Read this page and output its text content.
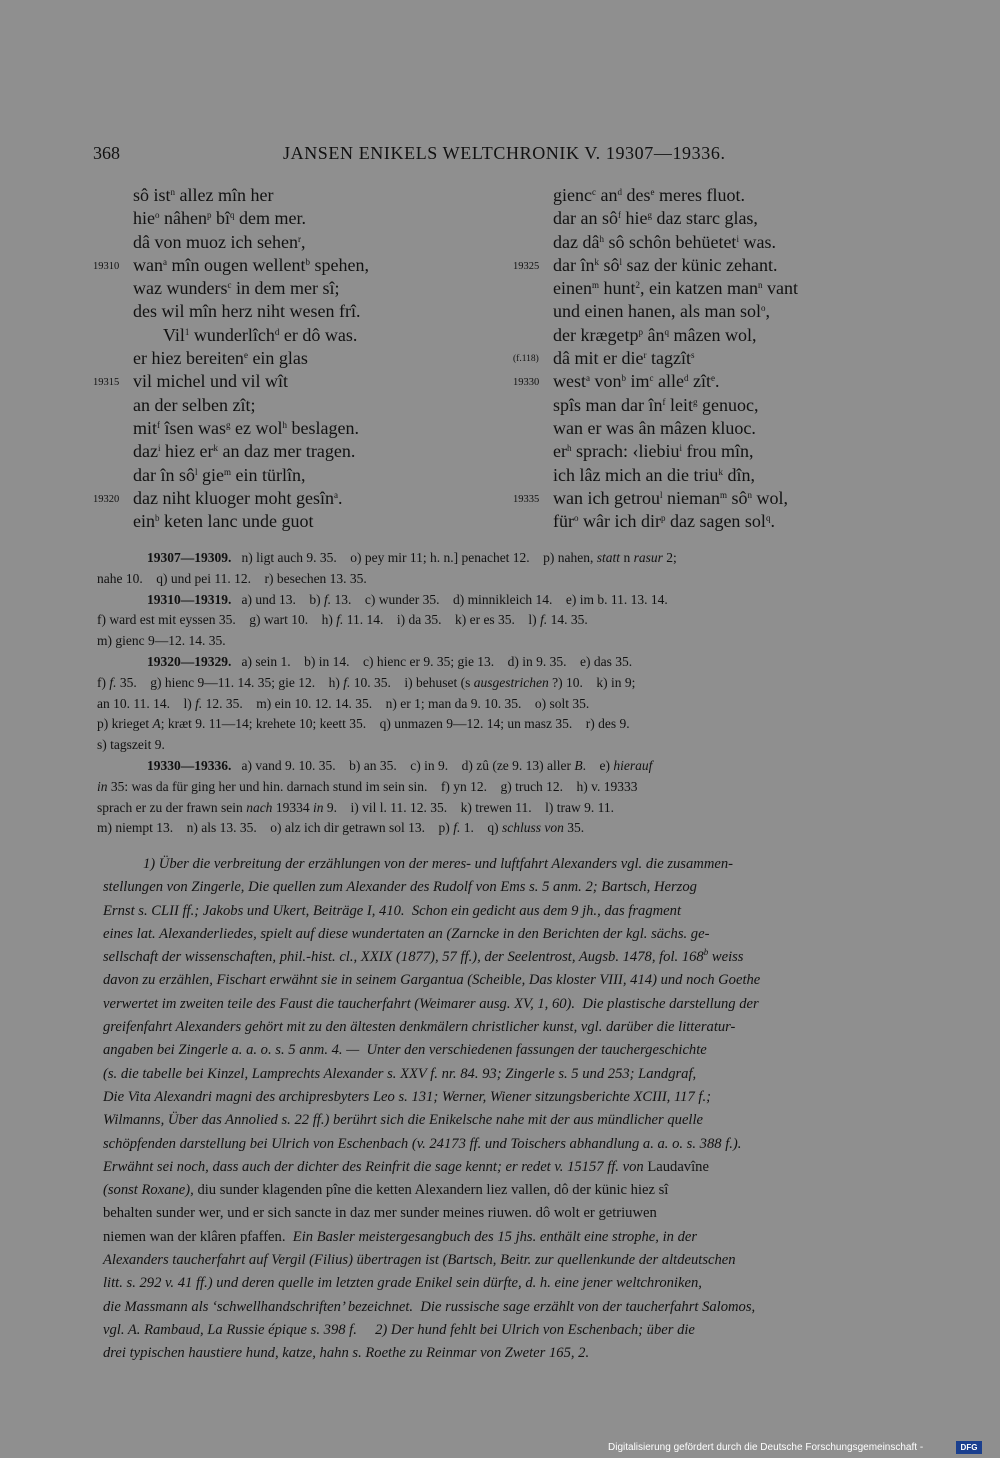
368	JANSEN ENIKELS WELTCHRONIK V. 19307—19336.
sô ist$^n$ allez mîn her
hie$^o$ nâhen$^p$ $bî^q$ dem mer.
dâ von muoz ich sehen$^r$,
19310 wan$^a$ mîn ougen wellent$^b$ spehen,
waz wunders$^c$ in dem mer sî;
des wil mîn herz niht wesen frî.
Vil$^1$ wunderlîch$^d$ er dô was.
er hiez bereiten$^e$ ein glas
19315 vil michel und vil wît
an der selben zît;
mit$^f$ îsen was$^g$ ez wol$^h$ beslagen.
daz$^i$ hiez $er^k$ an daz mer tragen.
dar în $sô^l$ gie$^m$ ein türlîn,
19320 daz niht kluoger moht gesîn$^a$.
ein$^b$ keten lanc unde guot
gienc$^c$ $an^d$ des$^e$ meres fluot.
dar an $sô^f$ hie$^g$ daz starc glas,
daz $dâ^h$ sô schôn behüetet$^i$ was.
19325 dar $în^k$ $sô^l$ saz der künic zehant.
einen$^m$ hunt$^2$, ein katzen man$^n$ vant
und einen hanen, als man sol$^o$,
der krægetp$^p$ $ân^q$ mâzen wol,
(f.118) dâ mit er die$^r$ tagzît$^s$
19330 west$^a$ von$^b$ $im^c$ alle$^d$ zît$^e$.
spîs man dar $în^f$ leit$^g$ genuoc,
wan er was ân mâzen kluoc.
$er^h$ sprach: ‹liebiu$^i$ frou mîn,
ich lâz mich an die triu$^k$ dîn,
19335 wan ich getrou$^l$ nieman$^m$ $sô^n$ wol,
für$^o$ wâr ich dir$^p$ daz sagen sol$^q$.
19307—19309.   n) ligt auch 9. 35.    o) pey mir 11; h. n.] penachet 12.    p) nahen, statt n rasur 2;
nahe 10.    q) und pei 11. 12.    r) besechen 13. 35.
19310—19319.   a) und 13.    b) f. 13.    c) wunder 35.    d) minnikleich 14.    e) im b. 11. 13. 14.
f) ward est mit eyssen 35.    g) wart 10.    h) f. 11. 14.    i) da 35.    k) er es 35.    l) f. 14. 35.
m) gienc 9—12. 14. 35.
19320—19329.   a) sein 1.    b) in 14.    c) hienc er 9. 35; gie 13.    d) in 9. 35.    e) das 35.
f) f. 35.    g) hienc 9—11. 14. 35; gie 12.    h) f. 10. 35.    i) behuset (s ausgestrichen ?) 10.    k) in 9;
an 10. 11. 14.    l) f. 12. 35.    m) ein 10. 12. 14. 35.    n) er 1; man da 9. 10. 35.    o) solt 35.
p) krieget A; kræt 9. 11—14; krehete 10; keett 35.    q) unmazen 9—12. 14; un masz 35.    r) des 9.
s) tagszeit 9.
19330—19336.   a) vand 9. 10. 35.    b) an 35.    c) in 9.    d) zû (ze 9. 13) aller B.    e) hierauf
in 35: was da für ging her und hin. darnach stund im sein sin.    f) yn 12.    g) truch 12.    h) v. 19333
sprach er zu der frawn sein nach 19334 in 9.    i) vil l. 11. 12. 35.    k) trewen 11.    l) traw 9. 11.
m) niempt 13.    n) als 13. 35.    o) alz ich dir getrawn sol 13.    p) f. 1.    q) schluss von 35.
1) Über die verbreitung der erzählungen von der meres- und luftfahrt Alexanders vgl. die zusammen-
stellungen von Zingerle, Die quellen zum Alexander des Rudolf von Ems s. 5 anm. 2; Bartsch, Herzog
Ernst s. CLII ff.; Jakobs und Ukert, Beiträge I, 410.  Schon ein gedicht aus dem 9 jh., das fragment
eines lat. Alexanderliedes, spielt auf diese wundertaten an (Zarncke in den Berichten der kgl. sächs. ge-
sellschaft der wissenschaften, phil.-hist. cl., XXIX (1877), 57 ff.), der Seelentrost, Augsb. 1478, fol. 168$^b$ weiss
davon zu erzählen, Fischart erwähnt sie in seinem Gargantua (Scheible, Das kloster VIII, 414) und noch Goethe
verwertet im zweiten teile des Faust die taucherfahrt (Weimarer ausg. XV, 1, 60).  Die plastische darstellung der
greifenfahrt Alexanders gehört mit zu den ältesten denkmälern christlicher kunst, vgl. darüber die litteratur-
angaben bei Zingerle a. a. o. s. 5 anm. 4. —  Unter den verschiedenen fassungen der tauchergeschichte
(s. die tabelle bei Kinzel, Lamprechts Alexander s. XXV f. nr. 84. 93; Zingerle s. 5 und 253; Landgraf,
Die Vita Alexandri magni des archipresbyters Leo s. 131; Werner, Wiener sitzungsberichte XCIII, 117 f.;
Wilmanns, Über das Annolied s. 22 ff.) berührt sich die Enikelsche nahe mit der aus mündlicher quelle
schöpfenden darstellung bei Ulrich von Eschenbach (v. 24173 ff. und Toischers abhandlung a. a. o. s. 388 f.).
Erwähnt sei noch, dass auch der dichter des Reinfrit die sage kennt; er redet v. 15157 ff. von Laudavîne
(sonst Roxane), diu sunder klagenden pîne die ketten Alexandern liez vallen, dô der künic hiez sî
behalten sunder wer, und er sich sancte in daz mer sunder meines riuwen. dô wolt er getriuwen
niemen wan der klâren pfaffen.  Ein Basler meistergesangbuch des 15 jhs. enthält eine strophe, in der
Alexanders taucherfahrt auf Vergil (Filius) übertragen ist (Bartsch, Beitr. zur quellenkunde der altdeutschen
litt. s. 292 v. 41 ff.) und deren quelle im letzten grade Enikel sein dürfte, d. h. eine jener weltchroniken,
die Massmann als ‘schwellhandschriften’ bezeichnet.  Die russische sage erzählt von der taucherfahrt Salomos,
vgl. A. Rambaud, La Russie épique s. 398 f.     2) Der hund fehlt bei Ulrich von Eschenbach; über die
drei typischen haustiere hund, katze, hahn s. Roethe zu Reinmar von Zweter 165, 2.
Digitalisierung gefördert durch die Deutsche Forschungsgemeinschaft -	DFG
